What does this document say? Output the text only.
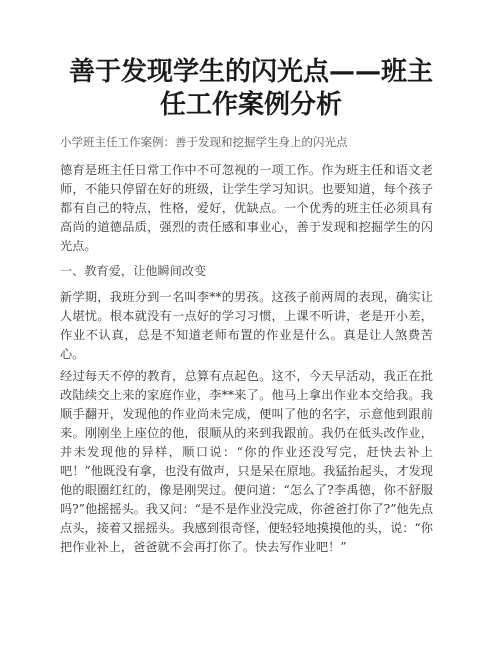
善于发现学生的闪光点——班主任工作案例分析

小学班主任工作案例：善于发现和挖掘学生身上的闪光点

德育是班主任日常工作中不可忽视的一项工作。作为班主任和语文老师，不能只停留在好的班级，让学生学习知识。也要知道，每个孩子都有自己的特点，性格，爱好，优缺点。一个优秀的班主任必须具有高尚的道德品质，强烈的责任感和事业心，善于发现和挖掘学生的闪光点。

一、教育爱，让他瞬间改变

新学期，我班分到一名叫李**的男孩。这孩子前两周的表现，确实让人堪忧。根本就没有一点好的学习习惯，上课不听讲，老是开小差，作业不认真，总是不知道老师布置的作业是什么。真是让人煞费苦心。

经过每天不停的教育，总算有点起色。这不，今天早活动，我正在批改陆续交上来的家庭作业，李**来了。他马上拿出作业本交给我。我顺手翻开，发现他的作业尚未完成，便叫了他的名字，示意他到跟前来。刚刚坐上座位的他，很顺从的来到我跟前。我仍在低头改作业，并未发现他的异样，顺口说：“你的作业还没写完，赶快去补上吧！”他既没有拿，也没有做声，只是呆在原地。我猛抬起头，才发现他的眼圈红红的，像是刚哭过。便问道：“怎么了?李禹德，你不舒服吗?”他摇摇头。我又问：“是不是作业没完成，你爸爸打你了?”他先点点头，接着又摇摇头。我感到很奇怪，便轻轻地摸摸他的头，说：“你把作业补上，爸爸就不会再打你了。快去写作业吧！”
